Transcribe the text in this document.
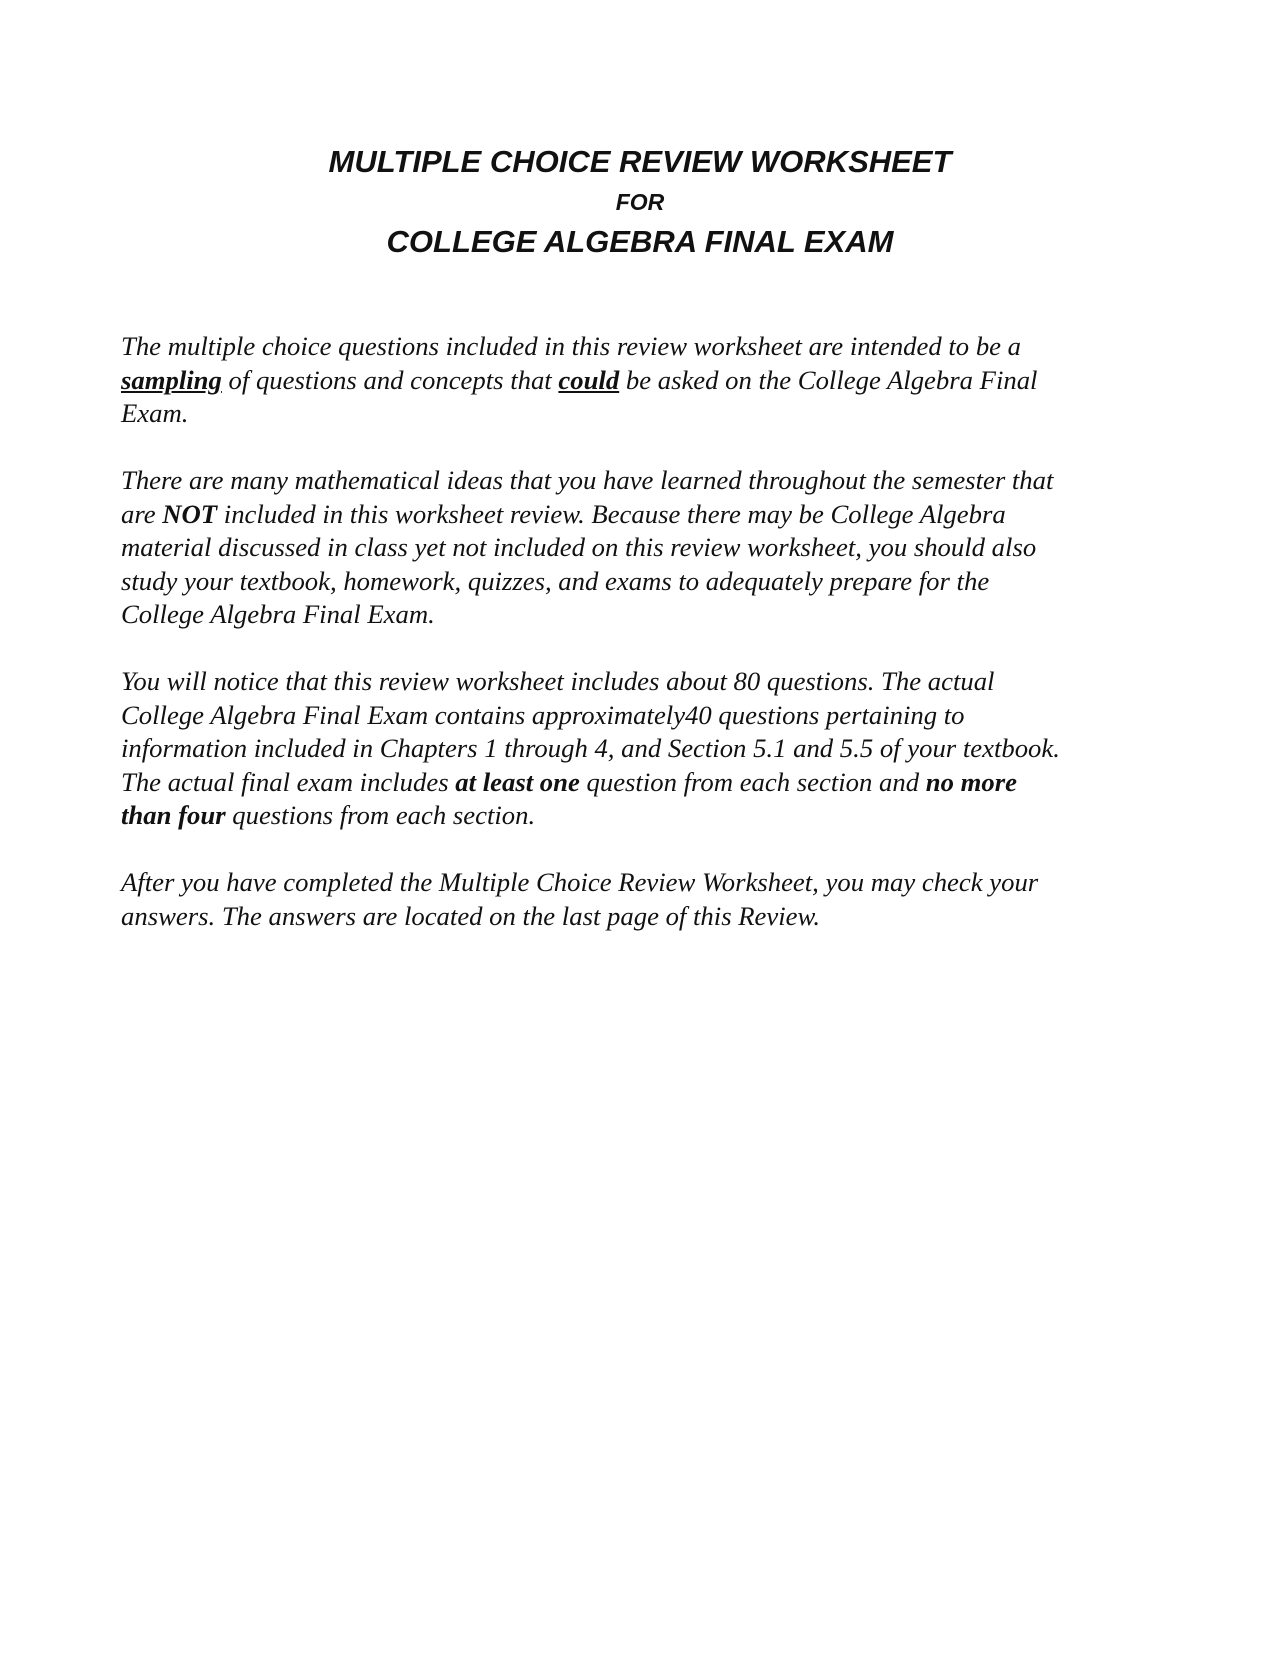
MULTIPLE CHOICE REVIEW WORKSHEET
FOR
COLLEGE ALGEBRA FINAL EXAM
The multiple choice questions included in this review worksheet are intended to be a
sampling of questions and concepts that could be asked on the College Algebra Final
Exam.
There are many mathematical ideas that you have learned throughout the semester that
are NOT included in this worksheet review. Because there may be College Algebra
material discussed in class yet not included on this review worksheet, you should also
study your textbook, homework, quizzes, and exams to adequately prepare for the
College Algebra Final Exam.
You will notice that this review worksheet includes about 80 questions. The actual
College Algebra Final Exam contains approximately40 questions pertaining to
information included in Chapters 1 through 4, and Section 5.1 and 5.5 of your textbook.
The actual final exam includes at least one question from each section and no more
than four questions from each section.
After you have completed the Multiple Choice Review Worksheet, you may check your
answers. The answers are located on the last page of this Review.
